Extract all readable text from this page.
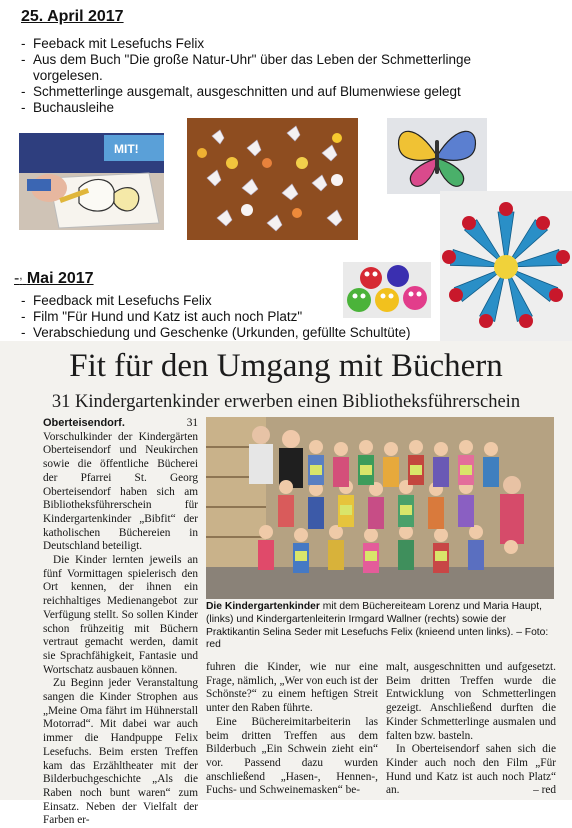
25. April 2017
- Feeback mit Lesefuchs Felix
- Aus dem Buch "Die große Natur-Uhr" über das Leben der Schmetterlinge vorgelesen.
- Schmetterlinge ausgemalt, ausgeschnitten und auf Blumenwiese gelegt
- Buchausleihe
MIT!
-, Mai 2017
- Feedback mit Lesefuchs Felix
- Film "Für Hund und Katz ist auch noch Platz"
- Verabschiedung und Geschenke (Urkunden, gefüllte Schultüte)
Fit für den Umgang mit Büchern
31 Kindergartenkinder erwerben einen Bibliotheksführerschein

Oberteisendorf.	31 Vorschulkinder der Kindergärten Oberteisendorf und Neukirchen sowie die öffentliche Bücherei der Pfarrei St. Georg Oberteisendorf haben sich am Bibliotheksführerschein für Kindergartenkinder „Bibfit“ der katholischen Büchereien in Deutschland beteiligt.

Die Kinder lernten jeweils an fünf Vormittagen spielerisch den Ort kennen, der ihnen ein reichhaltiges Medienangebot zur Verfügung stellt. So sollen Kinder schon frühzeitig mit Büchern vertraut gemacht werden, damit sie Sprachfähigkeit, Fantasie und Wortschatz ausbauen können.

Zu Beginn jeder Veranstaltung sangen die Kinder Strophen aus „Meine Oma fährt im Hühnerstall Motorrad“. Mit dabei war auch immer die Handpuppe Felix Lesefuchs. Beim ersten Treffen kam das Erzähltheater mit der Bilderbuchgeschichte „Als die Raben noch bunt waren“ zum Einsatz. Neben der Vielfalt der Farben er-

Die Kindergartenkinder mit dem Büchereiteam Lorenz und Maria Haupt, (links) und Kindergartenleiterin Irmgard Wallner (rechts) sowie der Praktikantin Selina Seder mit Lesefuchs Felix (knieend unten links). – Foto: red

fuhren die Kinder, wie nur eine Frage, nämlich, „Wer von euch ist der Schönste?“ zu einem heftigen Streit unter den Raben führte.

Eine Büchereimitarbeiterin las beim dritten Treffen aus dem Bilderbuch „Ein Schwein zieht ein“ vor. Passend dazu wurden anschließend „Hasen-, Hennen-, Fuchs- und Schweinemasken“ be-

malt, ausgeschnitten und aufgesetzt. Beim dritten Treffen wurde die Entwicklung von Schmetterlingen gezeigt. Anschließend durften die Kinder Schmetterlinge ausmalen und falten bzw. basteln.

In Oberteisendorf sahen sich die Kinder auch noch den Film „Für Hund und Katz ist auch noch Platz“ an.	– red
